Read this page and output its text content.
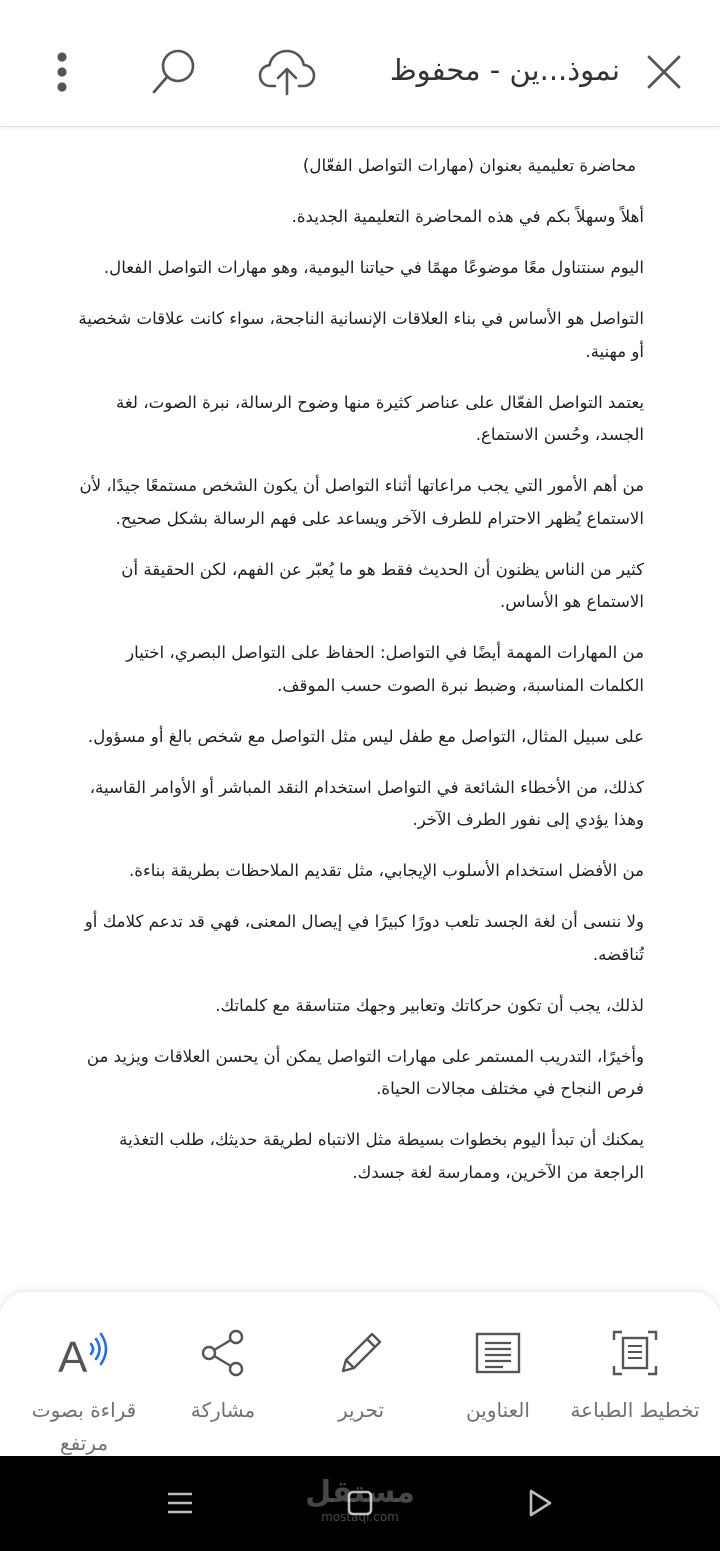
نموذ...ين - محفوظ

محاضرة تعليمية بعنوان (مهارات التواصل الفعّال)

أهلاً وسهلاً بكم في هذه المحاضرة التعليمية الجديدة.

اليوم سنتناول معًا موضوعًا مهمًا في حياتنا اليومية، وهو مهارات التواصل الفعال.

التواصل هو الأساس في بناء العلاقات الإنسانية الناجحة، سواء كانت علاقات شخصية أو مهنية.

يعتمد التواصل الفعّال على عناصر كثيرة منها وضوح الرسالة، نبرة الصوت، لغة الجسد، وحُسن الاستماع.

من أهم الأمور التي يجب مراعاتها أثناء التواصل أن يكون الشخص مستمعًا جيدًا، لأن الاستماع يُظهر الاحترام للطرف الآخر ويساعد على فهم الرسالة بشكل صحيح.

كثير من الناس يظنون أن الحديث فقط هو ما يُعبّر عن الفهم، لكن الحقيقة أن الاستماع هو الأساس.

من المهارات المهمة أيضًا في التواصل: الحفاظ على التواصل البصري، اختيار الكلمات المناسبة، وضبط نبرة الصوت حسب الموقف.

على سبيل المثال، التواصل مع طفل ليس مثل التواصل مع شخص بالغ أو مسؤول.

كذلك، من الأخطاء الشائعة في التواصل استخدام النقد المباشر أو الأوامر القاسية، وهذا يؤدي إلى نفور الطرف الآخر.

من الأفضل استخدام الأسلوب الإيجابي، مثل تقديم الملاحظات بطريقة بناءة.

ولا ننسى أن لغة الجسد تلعب دورًا كبيرًا في إيصال المعنى، فهي قد تدعم كلامك أو تُناقضه.

لذلك، يجب أن تكون حركاتك وتعابير وجهك متناسقة مع كلماتك.

وأخيرًا، التدريب المستمر على مهارات التواصل يمكن أن يحسن العلاقات ويزيد من فرص النجاح في مختلف مجالات الحياة.

يمكنك أن تبدأ اليوم بخطوات بسيطة مثل الانتباه لطريقة حديثك، طلب التغذية الراجعة من الآخرين، وممارسة لغة جسدك.

A
قراءة بصوت مرتفع
مشاركة	تحرير	العناوين	تخطيط الطباعة
مستقل
mostaql.com
